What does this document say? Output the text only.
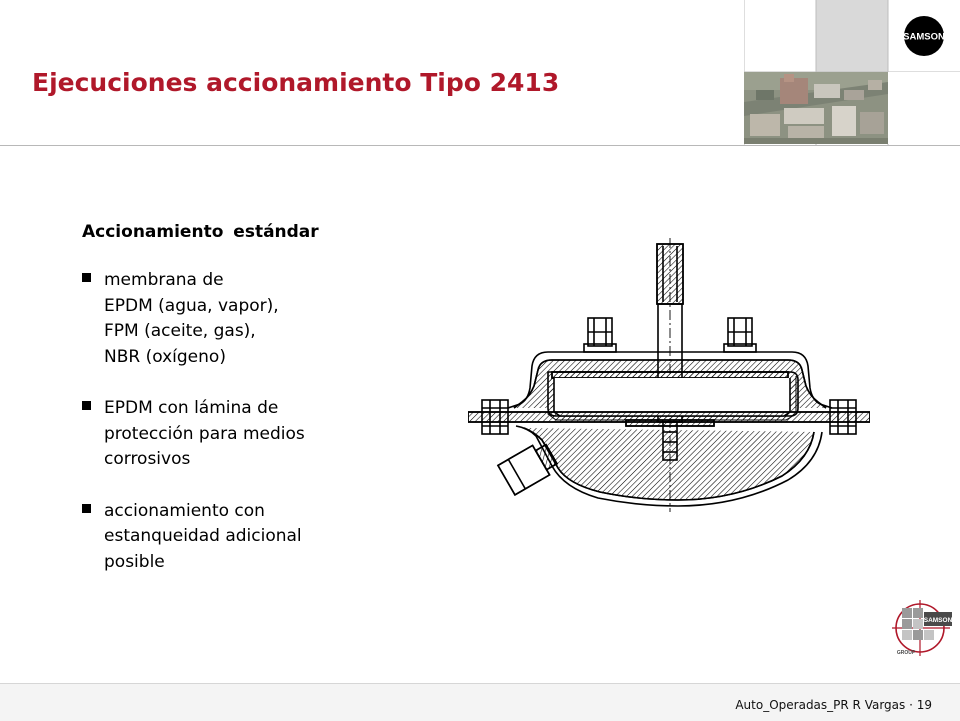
Ejecuciones accionamiento Tipo 2413
SAMSON
Accionamiento estándar
membrana de
EPDM (agua, vapor),
FPM (aceite, gas),
NBR (oxígeno)
EPDM con lámina de
protección para medios
corrosivos
accionamiento con
estanqueidad adicional
posible
SAMSON
GROUP
Auto_Operadas_PR R Vargas · 19
